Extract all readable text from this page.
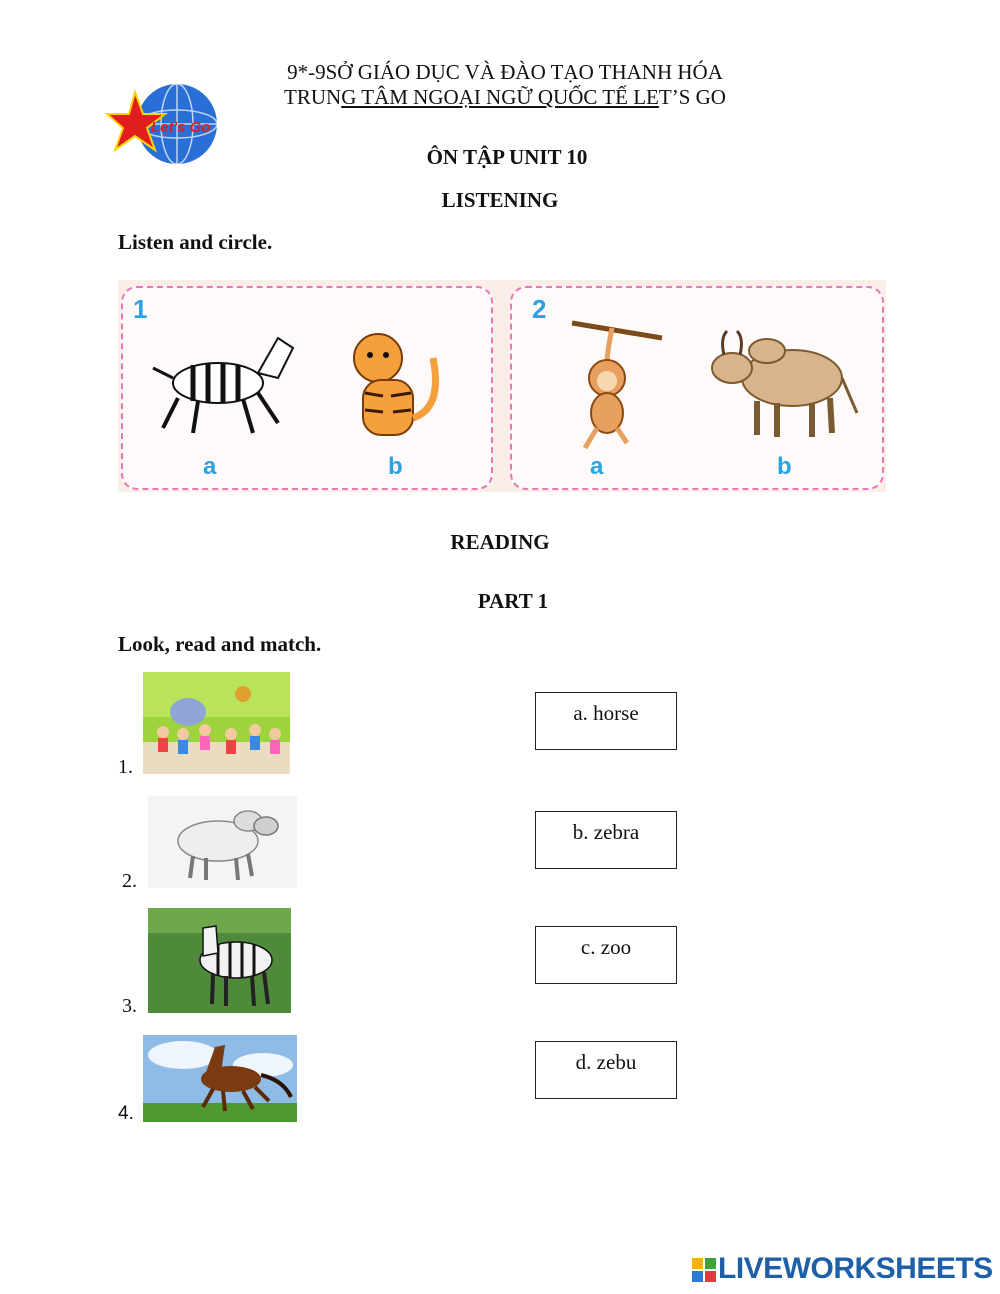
Let's Go
9*-9SỞ GIÁO DỤC VÀ ĐÀO TẠO THANH HÓA
TRUNG TÂM NGOẠI NGỮ QUỐC TẾ LET’S GO
ÔN TẬP UNIT 10
LISTENING
Listen and circle.
1
a	b
2
a	b
READING
PART 1
Look, read and match.
1.
2.
3.
4.
a. horse
b. zebra
c. zoo
d. zebu
LIVEWORKSHEETS
